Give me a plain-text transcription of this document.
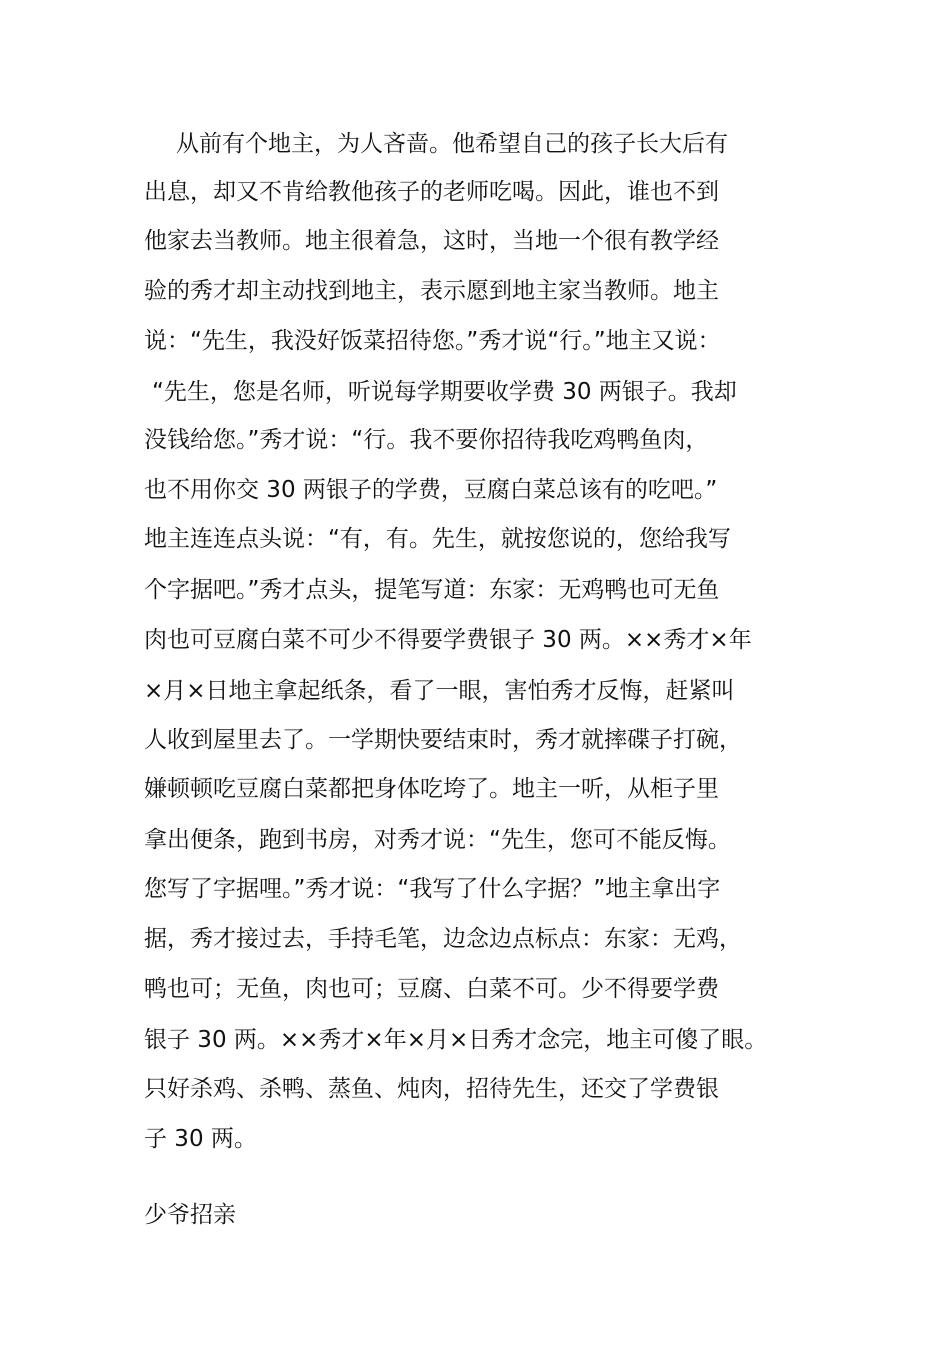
从前有个地主，为人吝啬。他希望自己的孩子长大后有
出息，却又不肯给教他孩子的老师吃喝。因此，谁也不到
他家去当教师。地主很着急，这时，当地一个很有教学经
验的秀才却主动找到地主，表示愿到地主家当教师。地主
说：“先生，我没好饭菜招待您。”秀才说“行。”地主又说：
“先生，您是名师，听说每学期要收学费 30 两银子。我却
没钱给您。”秀才说：“行。我不要你招待我吃鸡鸭鱼肉，
也不用你交 30 两银子的学费，豆腐白菜总该有的吃吧。”
地主连连点头说：“有，有。先生，就按您说的，您给我写
个字据吧。”秀才点头，提笔写道：东家：无鸡鸭也可无鱼
肉也可豆腐白菜不可少不得要学费银子 30 两。××秀才×年
×月×日地主拿起纸条，看了一眼，害怕秀才反悔，赶紧叫
人收到屋里去了。一学期快要结束时，秀才就摔碟子打碗，
嫌顿顿吃豆腐白菜都把身体吃垮了。地主一听，从柜子里
拿出便条，跑到书房，对秀才说：“先生，您可不能反悔。
您写了字据哩。”秀才说：“我写了什么字据？”地主拿出字
据，秀才接过去，手持毛笔，边念边点标点：东家：无鸡，
鸭也可；无鱼，肉也可；豆腐、白菜不可。少不得要学费
银子 30 两。××秀才×年×月×日秀才念完，地主可傻了眼。
只好杀鸡、杀鸭、蒸鱼、炖肉，招待先生，还交了学费银
子 30 两。
少爷招亲
